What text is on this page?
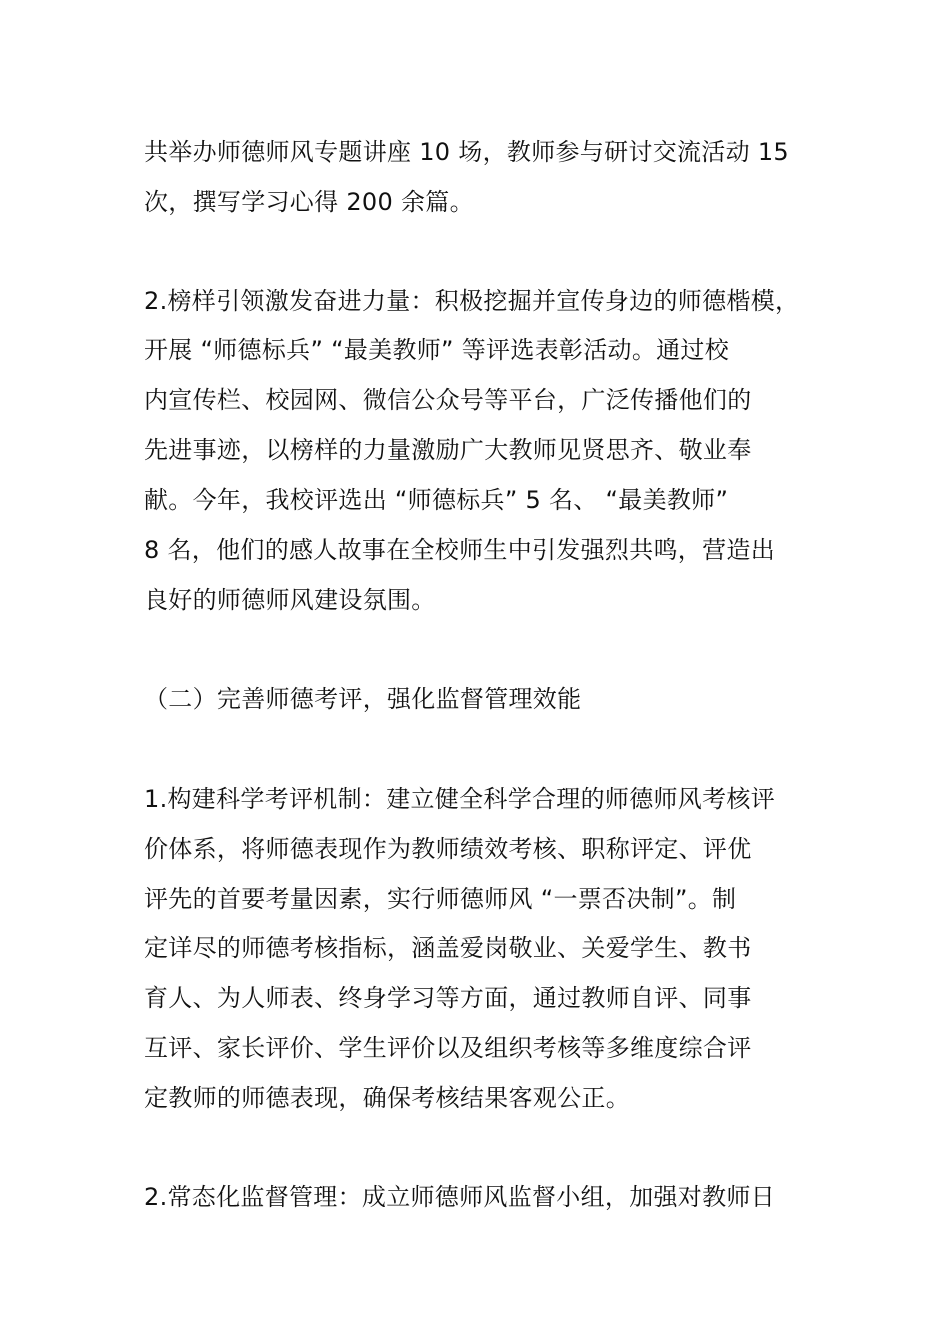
共举办师德师风专题讲座 10 场，教师参与研讨交流活动 15

次，撰写学习心得 200 余篇。

2.榜样引领激发奋进力量：积极挖掘并宣传身边的师德楷模，

开展 “师德标兵” “最美教师” 等评选表彰活动。通过校

内宣传栏、校园网、微信公众号等平台，广泛传播他们的

先进事迹，以榜样的力量激励广大教师见贤思齐、敬业奉

献。今年，我校评选出 “师德标兵” 5 名、 “最美教师”

8 名，他们的感人故事在全校师生中引发强烈共鸣，营造出

良好的师德师风建设氛围。

（二）完善师德考评，强化监督管理效能

1.构建科学考评机制：建立健全科学合理的师德师风考核评

价体系，将师德表现作为教师绩效考核、职称评定、评优

评先的首要考量因素，实行师德师风 “一票否决制”。制

定详尽的师德考核指标，涵盖爱岗敬业、关爱学生、教书

育人、为人师表、终身学习等方面，通过教师自评、同事

互评、家长评价、学生评价以及组织考核等多维度综合评

定教师的师德表现，确保考核结果客观公正。

2.常态化监督管理：成立师德师风监督小组，加强对教师日
